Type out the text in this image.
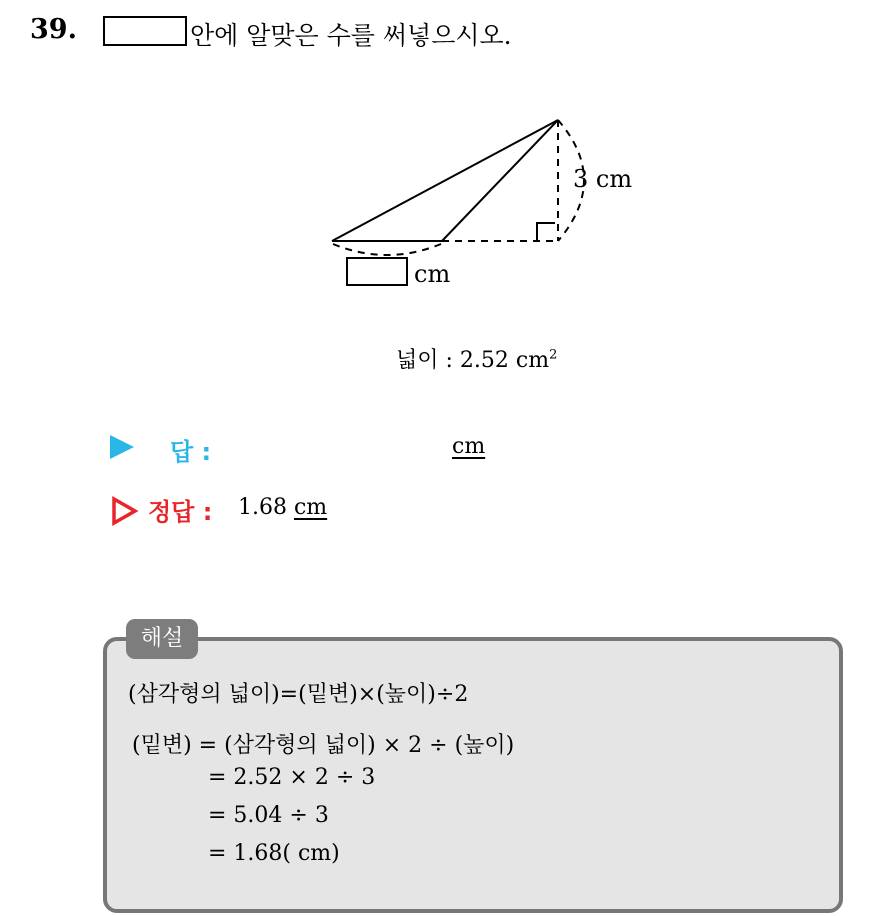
39.	안에 알맞은 수를 써넣으시오.
3 cm
cm
넓이 : 2.52 $cm^2$
답 :	cm
정답 : 1.68 cm
해설
(삼각형의 넓이)=(밑변)×(높이)÷2
(밑변) = (삼각형의 넓이) × 2 ÷ (높이)
= 2.52 × 2 ÷ 3
= 5.04 ÷ 3
= 1.68( cm)
